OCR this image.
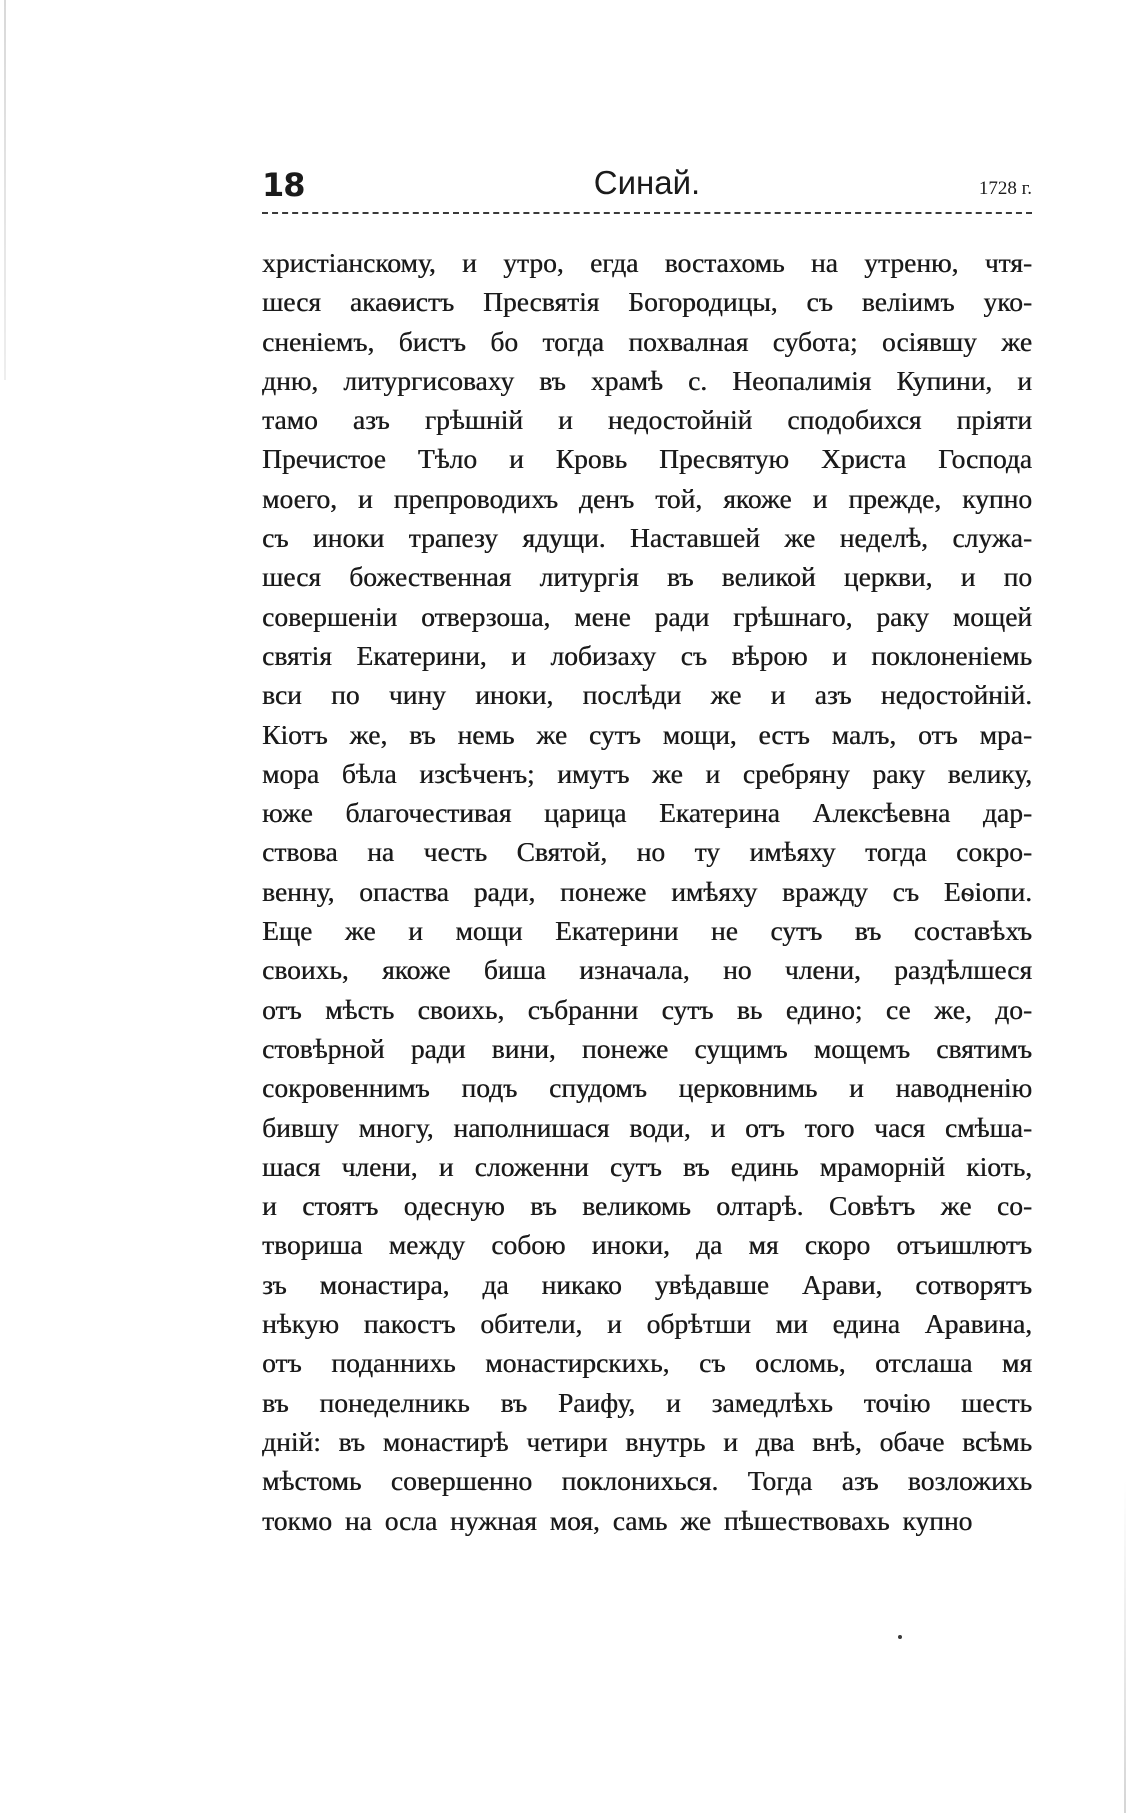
18	Синай.	1728 г.
христіанскому, и утро, егда востахомь на утреню, чтя-
шеся акаѳистъ Пресвятія Богородицы, съ веліимъ уко-
сненіемъ, бистъ бо тогда похвалная субота; осіявшу же
дню, литургисоваху въ храмѣ с. Неопалимія Купини, и
тамо азъ грѣшній и недостойній сподобихся пріяти
Пречистое Тѣло и Кровь Пресвятую Христа Господа
моего, и препроводихъ денъ той, якоже и прежде, купно
съ иноки трапезу ядущи. Наставшей же неделѣ, служа-
шеся божественная литургія въ великой церкви, и по
совершеніи отверзоша, мене ради грѣшнаго, раку мощей
святія Екатерини, и лобизаху съ вѣрою и поклоненіемь
вси по чину иноки, послѣди же и азъ недостойній.
Кіотъ же, въ немь же сутъ мощи, естъ малъ, отъ мра-
мора бѣла изсѣченъ; имутъ же и сребряну раку велику,
юже благочестивая царица Екатерина Алексѣевна дар-
ствова на честь Святой, но ту имѣяху тогда сокро-
венну, опаства ради, понеже имѣяху вражду съ Еѳіопи.
Еще же и мощи Екатерини не сутъ въ составѣхъ
своихь, якоже биша изначала, но члени, раздѣлшеся
отъ мѣсть своихь, събранни сутъ вь едино; се же, до-
стовѣрной ради вини, понеже сущимъ мощемъ святимъ
сокровеннимъ подъ спудомъ церковнимь и наводненію
бившу многу, наполнишася води, и отъ того чася смѣша-
шася члени, и сложенни сутъ въ единь мраморній кіоть,
и стоятъ одесную въ великомь олтарѣ. Совѣтъ же со-
твориша между собою иноки, да мя скоро отъишлютъ
зъ монастира, да никако увѣдавше Арави, сотворятъ
нѣкую пакостъ обители, и обрѣтши ми едина Аравина,
отъ поданнихь монастирскихь, съ осломь, отслаша мя
въ понеделникь въ Раифу, и замедлѣхь точію шесть
дній: въ монастирѣ четири внутрь и два внѣ, обаче всѣмь
мѣстомь совершенно поклонихься. Тогда азъ возложихь
токмо на осла нужная моя, самь же пѣшествовахь купно
